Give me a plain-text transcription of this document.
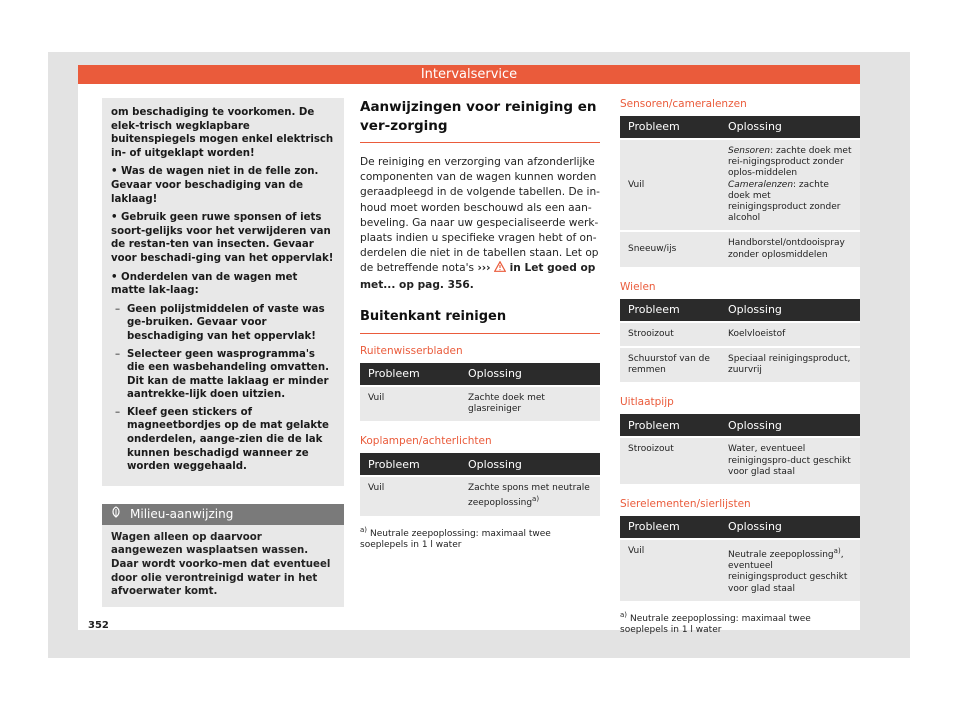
Intervalservice

om beschadiging te voorkomen. De elek-trisch wegklapbare buitenspiegels mogen enkel elektrisch in- of uitgeklapt worden!

• Was de wagen niet in de felle zon. Gevaar voor beschadiging van de laklaag!

• Gebruik geen ruwe sponsen of iets soort-gelijks voor het verwijderen van de restan-ten van insecten. Gevaar voor beschadi-ging van het oppervlak!

• Onderdelen van de wagen met matte lak-laag:

– Geen polijstmiddelen of vaste was ge-bruiken. Gevaar voor beschadiging van het oppervlak!
– Selecteer geen wasprogramma's die een wasbehandeling omvatten. Dit kan de matte laklaag er minder aantrekke-lijk doen uitzien.
– Kleef geen stickers of magneetbordjes op de mat gelakte onderdelen, aange-zien die de lak kunnen beschadigd wanneer ze worden weggehaald.
Milieu-aanwijzing
Wagen alleen op daarvoor aangewezen wasplaatsen wassen. Daar wordt voorko-men dat eventueel door olie verontreinigd water in het afvoerwater komt.
352
Aanwijzingen voor reiniging en ver-zorging
De reiniging en verzorging van afzonderlijke componenten van de wagen kunnen worden geraadpleegd in de volgende tabellen. De in-houd moet worden beschouwd als een aan-beveling. Ga naar uw gespecialiseerde werk-plaats indien u specifieke vragen hebt of on-derdelen die niet in de tabellen staan. Let op de betreffende nota's ›››  in Let goed op met... op pag. 356.
Buitenkant reinigen
Ruitenwisserbladen
Probleem	Oplossing
Vuil	Zachte doek met glasreiniger
Koplampen/achterlichten
Probleem	Oplossing
Vuil	Zachte spons met neutrale zeepoplossing$^{a)}$
$^{a)}$ Neutrale zeepoplossing: maximaal twee soeplepels in 1 l water
Sensoren/cameralenzen
Probleem	Oplossing
Vuil	Sensoren: zachte doek met rei-nigingsproduct zonder oplos-middelen
Cameralenzen: zachte doek met reinigingsproduct zonder alcohol
Sneeuw/ijs	Handborstel/ontdooispray zonder oplosmiddelen
Wielen
Probleem	Oplossing
Strooizout	Koelvloeistof
Schuurstof van de remmen	Speciaal reinigingsproduct, zuurvrij
Uitlaatpijp
Probleem	Oplossing
Strooizout	Water, eventueel reinigingspro-duct geschikt voor glad staal
Sierelementen/sierlijsten
Probleem	Oplossing
Vuil	Neutrale zeepoplossing$^{a)}$, eventueel reinigingsproduct geschikt voor glad staal
$^{a)}$ Neutrale zeepoplossing: maximaal twee soeplepels in 1 l water
